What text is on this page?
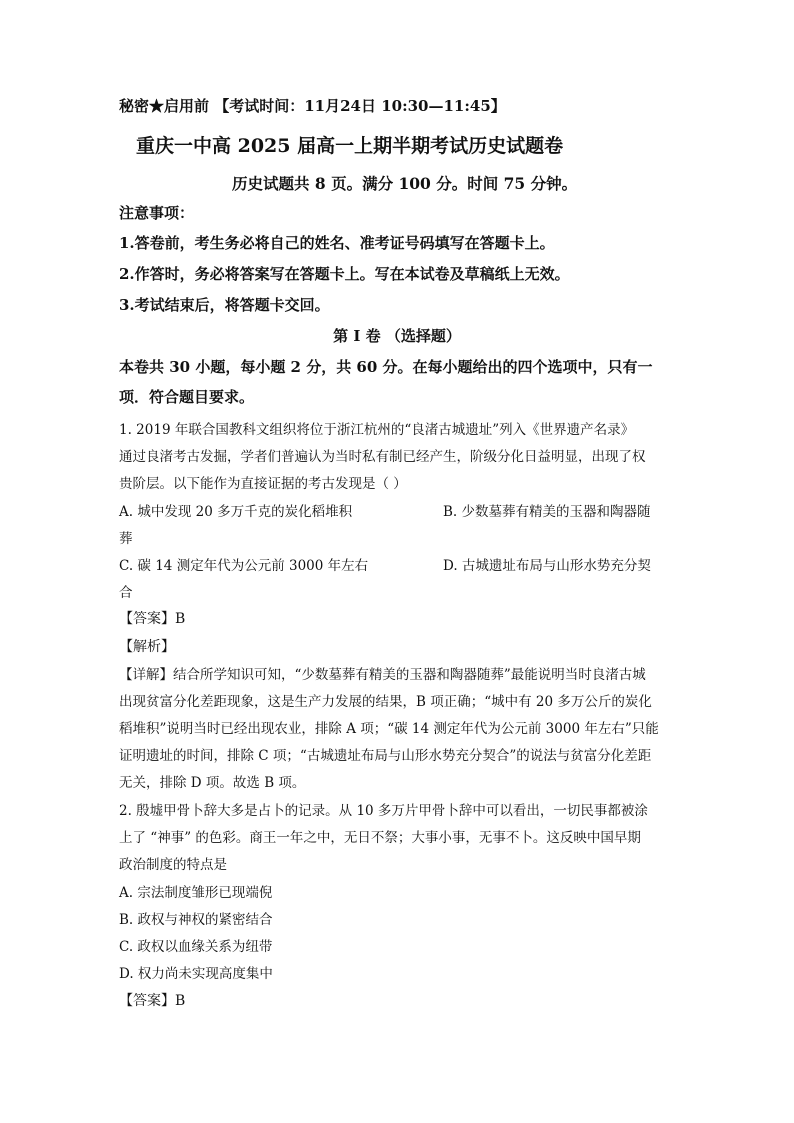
秘密★启用前 【考试时间：11月24日 10:30—11:45】
重庆一中高 2025 届高一上期半期考试历史试题卷
历史试题共 8 页。满分 100 分。时间 75 分钟。
注意事项：
1.答卷前，考生务必将自己的姓名、准考证号码填写在答题卡上。
2.作答时，务必将答案写在答题卡上。写在本试卷及草稿纸上无效。
3.考试结束后，将答题卡交回。
第 I 卷 （选择题）
本卷共 30 小题，每小题 2 分，共 60 分。在每小题给出的四个选项中，只有一
项．符合题目要求。
1. 2019 年联合国教科文组织将位于浙江杭州的“良渚古城遗址”列入《世界遗产名录》
通过良渚考古发掘，学者们普遍认为当时私有制已经产生，阶级分化日益明显，出现了权
贵阶层。以下能作为直接证据的考古发现是（ ）
A. 城中发现 20 多万千克的炭化稻堆积	B. 少数墓葬有精美的玉器和陶器随
葬
C. 碳 14 测定年代为公元前 3000 年左右	D. 古城遗址布局与山形水势充分契
合
【答案】B
【解析】
【详解】结合所学知识可知，“少数墓葬有精美的玉器和陶器随葬”最能说明当时良渚古城
出现贫富分化差距现象，这是生产力发展的结果，B 项正确；“城中有 20 多万公斤的炭化
稻堆积”说明当时已经出现农业，排除 A 项；“碳 14 测定年代为公元前 3000 年左右”只能
证明遗址的时间，排除 C 项；“古城遗址布局与山形水势充分契合”的说法与贫富分化差距
无关，排除 D 项。故选 B 项。
2. 殷墟甲骨卜辞大多是占卜的记录。从 10 多万片甲骨卜辞中可以看出，一切民事都被涂
上了 “神事” 的色彩。商王一年之中，无日不祭；大事小事，无事不卜。这反映中国早期
政治制度的特点是
A. 宗法制度雏形已现端倪
B. 政权与神权的紧密结合
C. 政权以血缘关系为纽带
D. 权力尚未实现高度集中
【答案】B
